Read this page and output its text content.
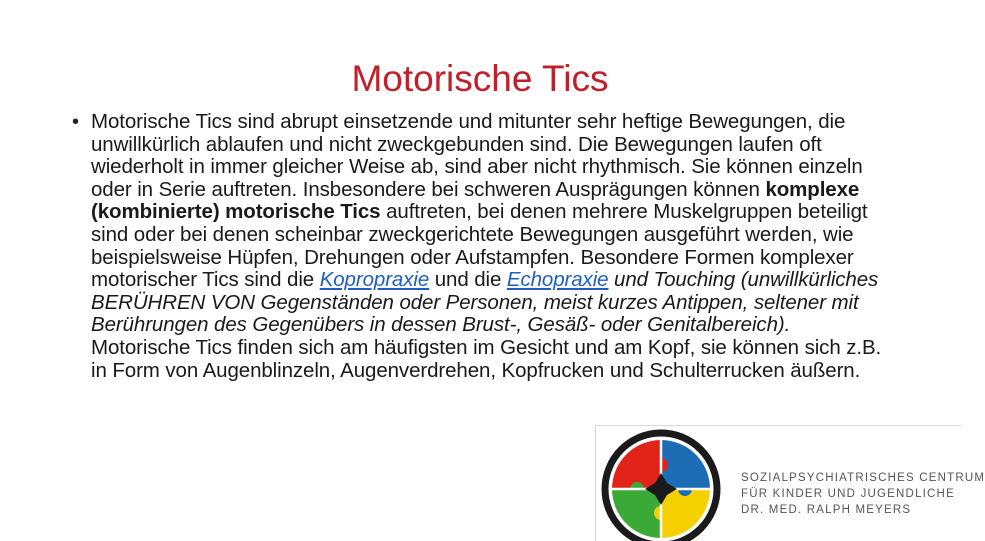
Motorische Tics
• Motorische Tics sind abrupt einsetzende und mitunter sehr heftige Bewegungen, die unwillkürlich ablaufen und nicht zweckgebunden sind. Die Bewegungen laufen oft wiederholt in immer gleicher Weise ab, sind aber nicht rhythmisch. Sie können einzeln oder in Serie auftreten. Insbesondere bei schweren Ausprägungen können komplexe (kombinierte) motorische Tics auftreten, bei denen mehrere Muskelgruppen beteiligt sind oder bei denen scheinbar zweckgerichtete Bewegungen ausgeführt werden, wie beispielsweise Hüpfen, Drehungen oder Aufstampfen. Besondere Formen komplexer motorischer Tics sind die Kopropraxie und die Echopraxie und Touching (unwillkürliches BERÜHREN VON Gegenständen oder Personen, meist kurzes Antippen, seltener mit Berührungen des Gegenübers in dessen Brust-, Gesäß- oder Genitalbereich). Motorische Tics finden sich am häufigsten im Gesicht und am Kopf, sie können sich z.B. in Form von Augenblinzeln, Augenverdrehen, Kopfrucken und Schulterrucken äußern.
SOZIALPSYCHIATRISCHES CENTRUM
FÜR KINDER UND JUGENDLICHE
DR. MED. RALPH MEYERS
